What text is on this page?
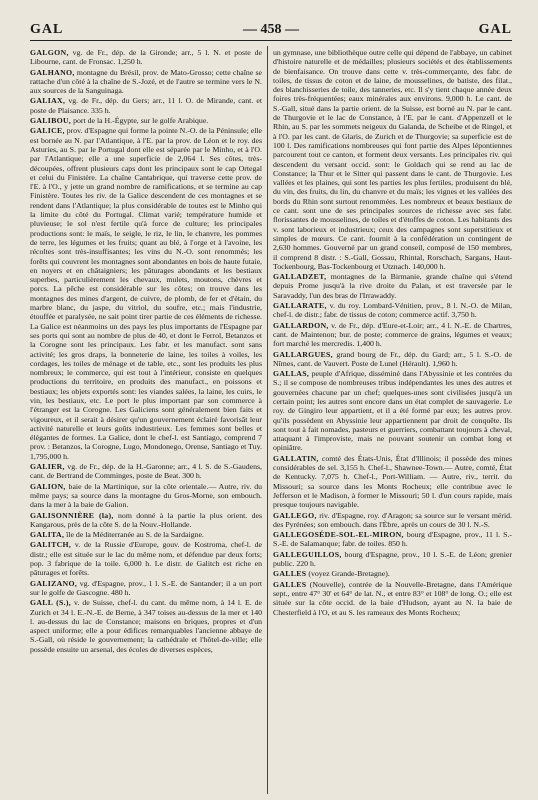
GAL	— 458 —	GAL

GALGON, vg. de Fr., dép. de la Gironde; arr., 5 l. N. et poste de Libourne, cant. de Fronsac. 1,250 h.

GALHANO, montagne du Brésil, prov. de Mato-Grosso; cette chaîne se rattache d'un côté à la chaîne de S.-Jozé, et de l'autre se termine vers le N. aux sources de la Sanguinaga.

GALIAX, vg. de Fr., dép. du Gers; arr., 11 l. O. de Mirande, cant. et poste de Plaisance. 335 h.

GALIBOU, port de la H.-Égypte, sur le golfe Arabique.

GALICE, prov. d'Espagne qui forme la pointe N.-O. de la Péninsule; elle est bornée au N. par l'Atlantique, à l'E. par la prov. de Léon et le roy. des Asturies, au S. par le Portugal dont elle est séparée par le Minho, et à l'O. par l'Atlantique; elle a une superficie de 2,064 l. Ses côtes, très-découpées, offrent plusieurs caps dont les principaux sont le cap Ortegal et celui du Finistère. La chaîne Cantabrique, qui traverse cette prov. de l'E. à l'O., y jette un grand nombre de ramifications, et se termine au cap Finistère. Toutes les riv. de la Galice descendent de ces montagnes et se rendent dans l'Atlantique; la plus considérable de toutes est le Minho qui la limite du côté du Portugal. Climat varié; température humide et pluvieuse; le sol n'est fertile qu'à force de culture; les principales productions sont: le maïs, le seigle, le riz, le lin, le chanvre, les pommes de terre, les légumes et les fruits; quant au blé, à l'orge et à l'avoine, les récoltes sont très-insuffisantes; les vins du N.-O. sont renommés; les forêts qui couvrent les montagnes sont abondantes en bois de haute futaie, en noyers et en châtaigniers; les pâturages abondants et les bestiaux superbes, particulièrement les chevaux, mulets, moutons, chèvres et porcs. La pêche est considérable sur les côtes; on trouve dans les montagnes des mines d'argent, de cuivre, de plomb, de fer et d'étain, du marbre blanc, du jaspe, du vitriol, du soufre, etc.; mais l'industrie, étouffée et paralysée, ne sait point tirer partie de ces éléments de richesse. La Galice est néanmoins un des pays les plus importants de l'Espagne par ses ports qui sont au nombre de plus de 40, et dont le Ferrol, Betanzos et la Corogne sont les principaux. Les fabr. et les manufact. sont sans activité; les gros draps, la bonneterie de laine, les toiles à voiles, les cordages, les toiles de ménage et de table, etc., sont les produits les plus nombreux; le commerce, qui est tout à l'intérieur, consiste en quelques productions du territoire, en produits des manufact., en poissons et bestiaux; les objets exportés sont: les viandes salées, la laine, les cuirs, le vin, les bestiaux, etc. Le port le plus important par son commerce à l'étranger est la Corogne. Les Galiciens sont généralement bien faits et vigoureux, et il serait à désirer qu'un gouvernement éclairé favorisât leur activité naturelle et leurs goûts industrieux. Les femmes sont belles et élégantes de formes. La Galice, dont le chef-l. est Santiago, comprend 7 prov. : Betanzos, la Corogne, Lugo, Mondonego, Orense, Santiago et Tuy. 1,795,000 h.

GALIER, vg. de Fr., dép. de la H.-Garonne; arr., 4 l. S. de S.-Gaudens, cant. de Bertrand de Comminges, poste de Beat. 300 h.

GALION, baie de la Martinique, sur la côte orientale.— Autre, riv. du même pays; sa source dans la montagne du Gros-Morne, son embouch. dans la mer à la baie de Galion.

GALISONNIÈRE (la), nom donné à la partie la plus orient. des Kangarous, près de la côte S. de la Nouv.-Hollande.

GALITA, île de la Méditerranée au S. de la Sardaigne.

GALITCH, v. de la Russie d'Europe, gouv. de Kostroma, chef-l. de distr.; elle est située sur le lac du même nom, et défendue par deux forts; pop. 3 fabrique de la toile. 6,000 h. Le distr. de Galitch est riche en pâturages et forêts.

GALIZANO, vg. d'Espagne, prov., 1 l. S.-E. de Santander; il a un port sur le golfe de Gascogne. 480 h.

GALL (S.), v. de Suisse, chef-l. du cant. du même nom, à 14 l. E. de Zurich et 34 l. E.-N.-E. de Berne, à 347 toises au-dessus de la mer et 140 l. au-dessus du lac de Constance; maisons en briques, propres et d'un aspect uniforme; elle a pour édifices remarquables l'ancienne abbaye de S.-Gall, où réside le gouvernement; la cathédrale et l'hôtel-de-ville; elle possède ensuite un arsenal, des écoles de diverses espèces,

un gymnase, une bibliothèque outre celle qui dépend de l'abbaye, un cabinet d'histoire naturelle et de médailles; plusieurs sociétés et des établissements de bienfaisance. On trouve dans cette v. très-commerçante, des fabr. de toiles, de tissus de coton et de laine, de mousselines, de batiste, des filat., des blanchisseries de toile, des tanneries, etc. Il s'y tient chaque année deux foires très-fréquentées; eaux minérales aux environs. 9,000 h. Le cant. de S.-Gall, situé dans la partie orient. de la Suisse, est borné au N. par le cant. de Thurgovie et le lac de Constance, à l'E. par le cant. d'Appenzell et le Rhin, au S. par les sommets neigeux du Galanda, de Scheibe et de Ringel, et à l'O. par les cant. de Glaris, de Zurich et de Thurgovie; sa superficie est de 100 l. Des ramifications nombreuses qui font partie des Alpes lépontiennes parcourent tout ce canton, et forment deux versants. Les principales riv. qui descendent du versant occid. sont: le Goldach qui se rend au lac de Constance; la Thur et le Sitter qui passent dans le cant. de Thurgovie. Les vallées et les plaines, qui sont les parties les plus fertiles, produisent du blé, du vin, des fruits, du lin, du chanvre et du maïs; les vignes et les vallées des bords du Rhin sont surtout renommées. Les nombreux et beaux bestiaux de ce cant. sont une de ses principales sources de richesse avec ses fabr. florissantes de mousselines, de toiles et d'étoffes de coton. Les habitants des v. sont laborieux et industrieux; ceux des campagnes sont superstitieux et simples de mœurs. Ce cant. fournit à la confédération un contingent de 2,630 hommes. Gouverné par un grand conseil, composé de 150 membres, il comprend 8 distr. : S.-Gall, Gossau, Rhintal, Rorschach, Sargans, Haut-Tockenbourg, Bas-Tockenbourg et Utznach. 140,000 h.

GALLADZET, montagnes de la Birmanie, grande chaîne qui s'étend depuis Prome jusqu'à la rive droite du Palan, et est traversée par le Saravaddy, l'un des bras de l'Irrawaddy.

GALLARATE, v. du roy. Lombard-Vénitien, prov., 8 l. N.-O. de Milan, chef-l. de distr.; fabr. de tissus de coton; commerce actif. 3,750 h.

GALLARDON, v. de Fr., dép. d'Eure-et-Loir; arr., 4 l. N.-E. de Chartres, cant. de Maintenon; bur. de poste; commerce de grains, légumes et veaux; fort marché les mercredis. 1,400 h.

GALLARGUES, grand bourg de Fr., dép. du Gard; arr., 5 l. S.-O. de Nîmes, cant. de Vauvert. Poste de Lunel (Hérault). 1,960 h.

GALLAS, peuple d'Afrique, disséminé dans l'Abyssinie et les contrées du S.; il se compose de nombreuses tribus indépendantes les unes des autres et gouvernées chacune par un chef; quelques-unes sont civilisées jusqu'à un certain point; les autres sont encore dans un état complet de sauvagerie. Le roy. de Gingiro leur appartient, et il a été formé par eux; les autres prov. qu'ils possèdent en Abyssinie leur appartiennent par droit de conquête. Ils sont tout à fait nomades, pasteurs et guerriers, combattant toujours à cheval, attaquant à l'improviste, mais ne pouvant soutenir un combat long et opiniâtre.

GALLATIN, comté des États-Unis, État d'Illinois; il possède des mines considérables de sel. 3,155 h. Chef-l., Shawnee-Town.— Autre, comté, État de Kentucky. 7,075 h. Chef-l., Port-William. — Autre, riv., territ. du Missouri; sa source dans les Monts Rocheux; elle contribue avec le Jefferson et le Madison, à former le Missouri; 50 l. d'un cours rapide, mais presque toujours navigable.

GALLEGO, riv. d'Espagne, roy. d'Aragon; sa source sur le versant mérid. des Pyrénées; son embouch. dans l'Èbre, après un cours de 30 l. N.-S.

GALLEGOSÉDE-SOL-EL-MIRON, bourg d'Espagne, prov., 11 l. S.-S.-E. de Salamanque; fabr. de toiles. 850 h.

GALLEGUILLOS, bourg d'Espagne, prov., 10 l. S.-E. de Léon; grenier public. 220 h.

GALLES (voyez Grande-Bretagne).

GALLES (Nouvelle), contrée de la Nouvelle-Bretagne, dans l'Amérique sept., entre 47° 30' et 64° de lat. N., et entre 83° et 108° de long. O.; elle est située sur la côte occid. de la baie d'Hudson, ayant au N. la baie de Chesterfield à l'O, et au S. les rameaux des Monts Rocheux;
